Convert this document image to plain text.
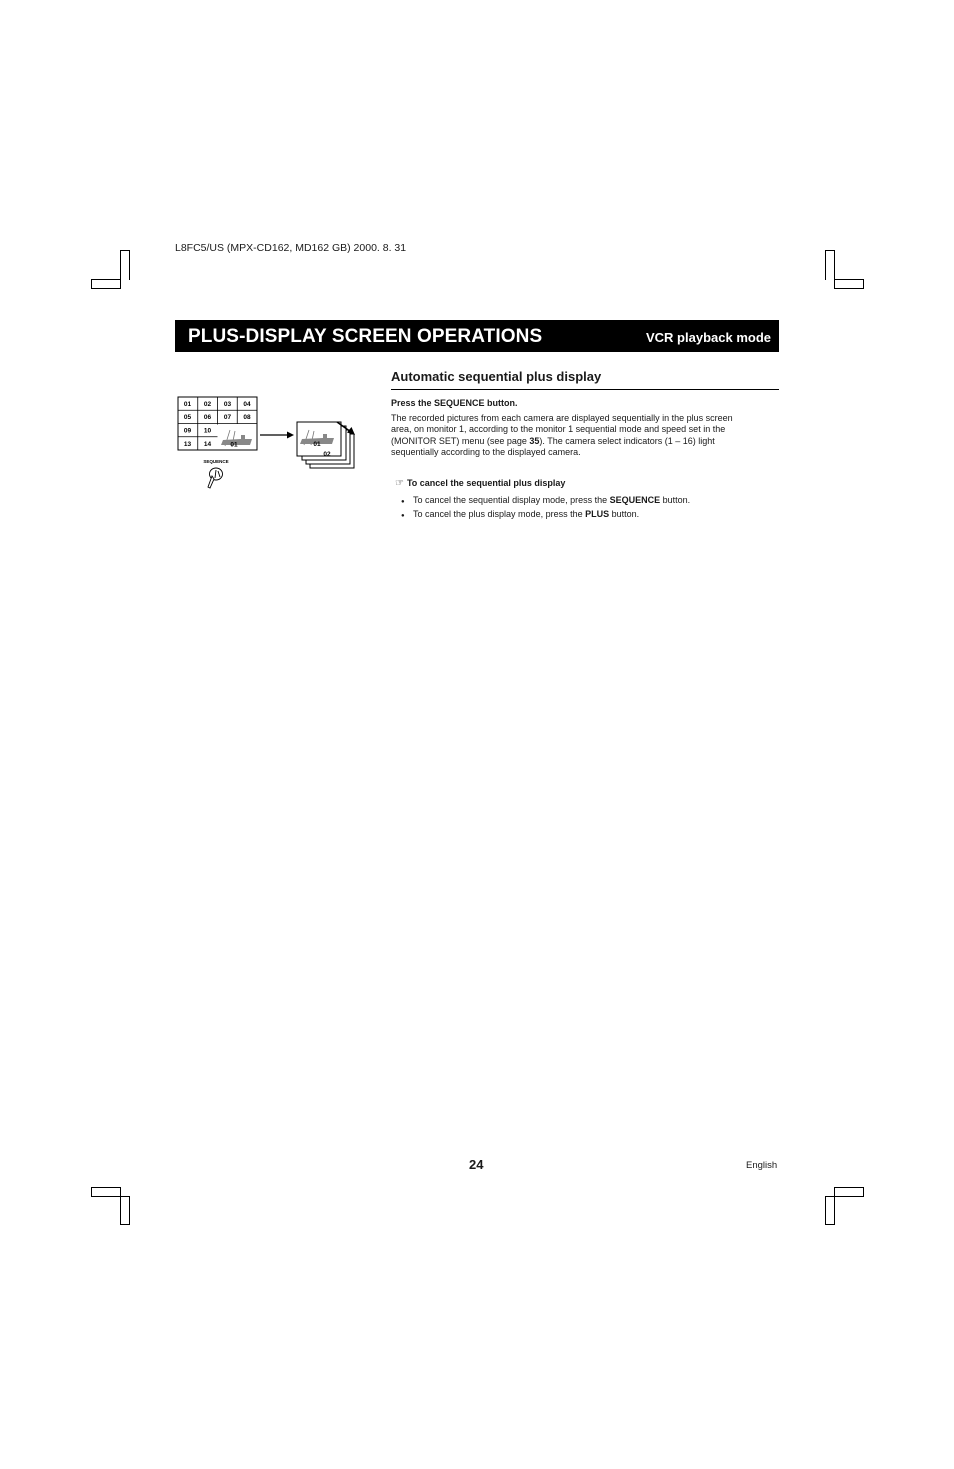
L8FC5/US (MPX-CD162, MD162 GB) 2000. 8. 31
PLUS-DISPLAY SCREEN OPERATIONS	VCR playback mode
01 02 03 04
05 06 07 08
09 10
13 14	01	01
02
SEQUENCE
Automatic sequential plus display
Press the SEQUENCE button.
The recorded pictures from each camera are displayed sequentially in the plus screen
area, on monitor 1, according to the monitor 1 sequential mode and speed set in the
(MONITOR SET) menu (see page 35). The camera select indicators (1 – 16) light
sequentially according to the displayed camera.
☞ To cancel the sequential plus display
● To cancel the sequential display mode, press the SEQUENCE button.
● To cancel the plus display mode, press the PLUS button.
24	English
